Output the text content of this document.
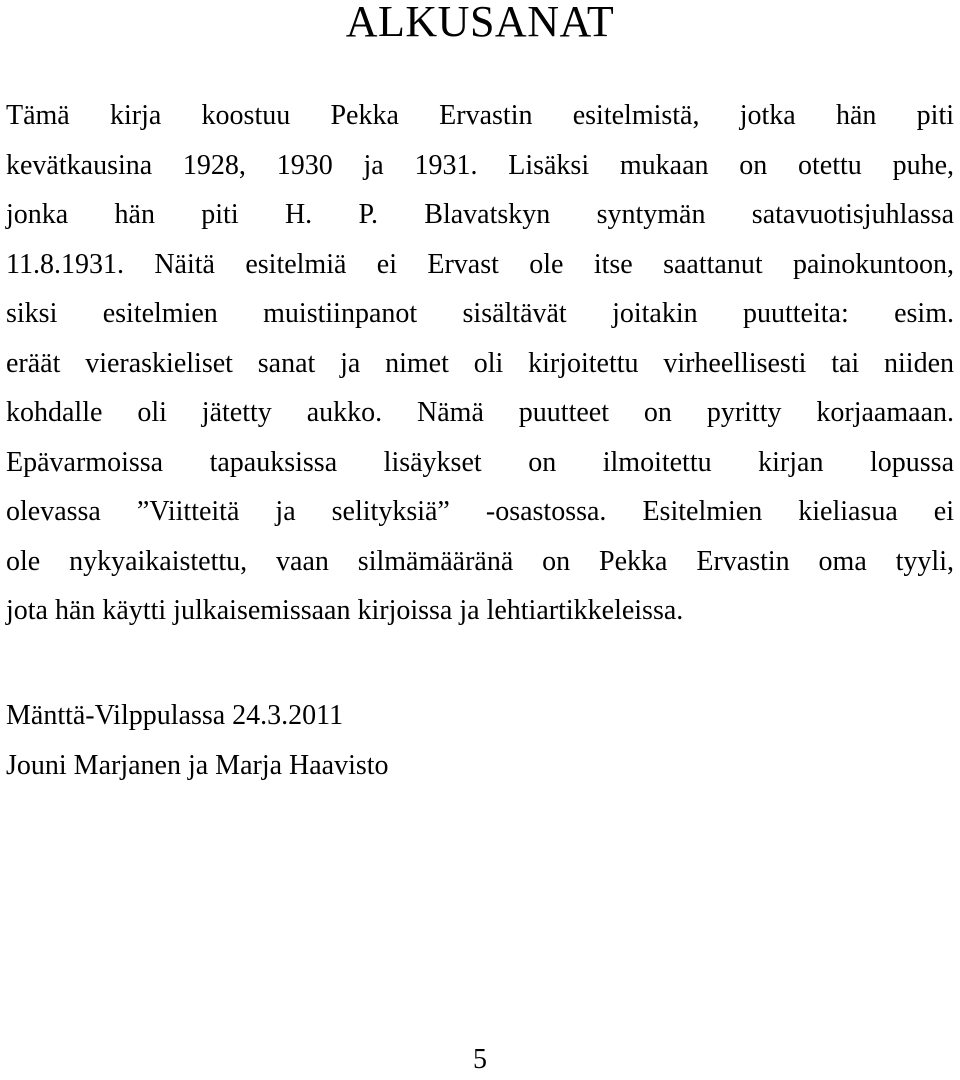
ALKUSANAT
Tämä kirja koostuu Pekka Ervastin esitelmistä, jotka hän piti
kevätkausina 1928, 1930 ja 1931. Lisäksi mukaan on otettu puhe,
jonka hän piti H. P. Blavatskyn syntymän satavuotisjuhlassa
11.8.1931. Näitä esitelmiä ei Ervast ole itse saattanut painokuntoon,
siksi esitelmien muistiinpanot sisältävät joitakin puutteita: esim.
eräät vieraskieliset sanat ja nimet oli kirjoitettu virheellisesti tai niiden
kohdalle oli jätetty aukko. Nämä puutteet on pyritty korjaamaan.
Epävarmoissa tapauksissa lisäykset on ilmoitettu kirjan lopussa
olevassa ”Viitteitä ja selityksiä” -osastossa. Esitelmien kieliasua ei
ole nykyaikaistettu, vaan silmämääränä on Pekka Ervastin oma tyyli,
jota hän käytti julkaisemissaan kirjoissa ja lehtiartikkeleissa.
Mänttä-Vilppulassa 24.3.2011
Jouni Marjanen ja Marja Haavisto
5
